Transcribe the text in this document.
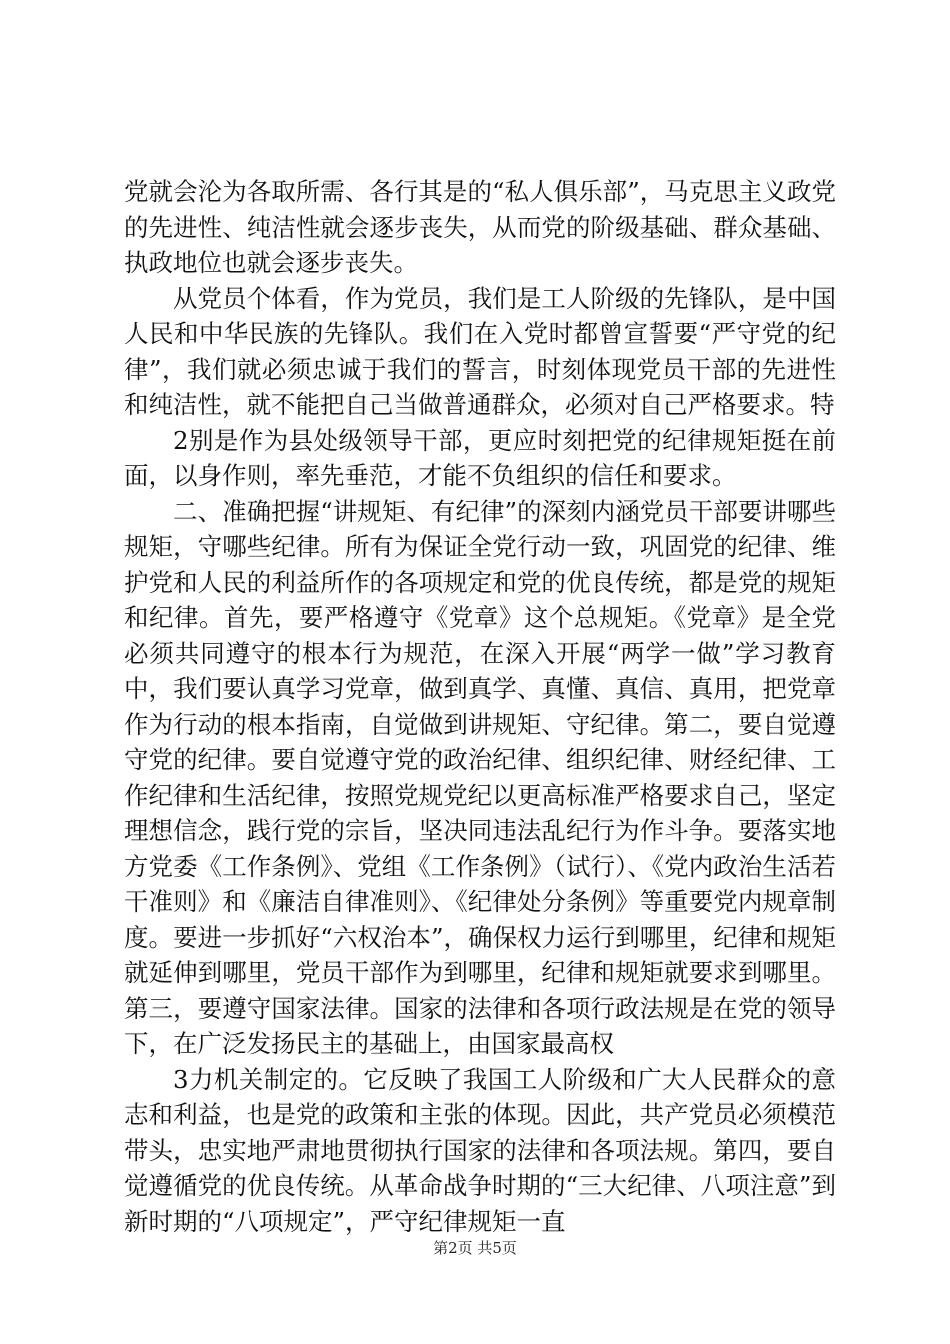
党就会沦为各取所需、各行其是的“私人俱乐部”，马克思主义政党的先进性、纯洁性就会逐步丧失，从而党的阶级基础、群众基础、执政地位也就会逐步丧失。

从党员个体看，作为党员，我们是工人阶级的先锋队，是中国人民和中华民族的先锋队。我们在入党时都曾宣誓要“严守党的纪律”，我们就必须忠诚于我们的誓言，时刻体现党员干部的先进性和纯洁性，就不能把自己当做普通群众，必须对自己严格要求。特

2别是作为县处级领导干部，更应时刻把党的纪律规矩挺在前面，以身作则，率先垂范，才能不负组织的信任和要求。

二、准确把握“讲规矩、有纪律”的深刻内涵党员干部要讲哪些规矩，守哪些纪律。所有为保证全党行动一致，巩固党的纪律、维护党和人民的利益所作的各项规定和党的优良传统，都是党的规矩和纪律。首先，要严格遵守《党章》这个总规矩。《党章》是全党必须共同遵守的根本行为规范，在深入开展“两学一做”学习教育中，我们要认真学习党章，做到真学、真懂、真信、真用，把党章作为行动的根本指南，自觉做到讲规矩、守纪律。第二，要自觉遵守党的纪律。要自觉遵守党的政治纪律、组织纪律、财经纪律、工作纪律和生活纪律，按照党规党纪以更高标准严格要求自己，坚定理想信念，践行党的宗旨，坚决同违法乱纪行为作斗争。要落实地方党委《工作条例》、党组《工作条例》（试行）、《党内政治生活若干准则》和《廉洁自律准则》、《纪律处分条例》等重要党内规章制度。要进一步抓好“六权治本”，确保权力运行到哪里，纪律和规矩就延伸到哪里，党员干部作为到哪里，纪律和规矩就要求到哪里。第三，要遵守国家法律。国家的法律和各项行政法规是在党的领导下，在广泛发扬民主的基础上，由国家最高权

3力机关制定的。它反映了我国工人阶级和广大人民群众的意志和利益，也是党的政策和主张的体现。因此，共产党员必须模范带头，忠实地严肃地贯彻执行国家的法律和各项法规。第四，要自觉遵循党的优良传统。从革命战争时期的“三大纪律、八项注意”到新时期的“八项规定”，严守纪律规矩一直

第2页 共5页
